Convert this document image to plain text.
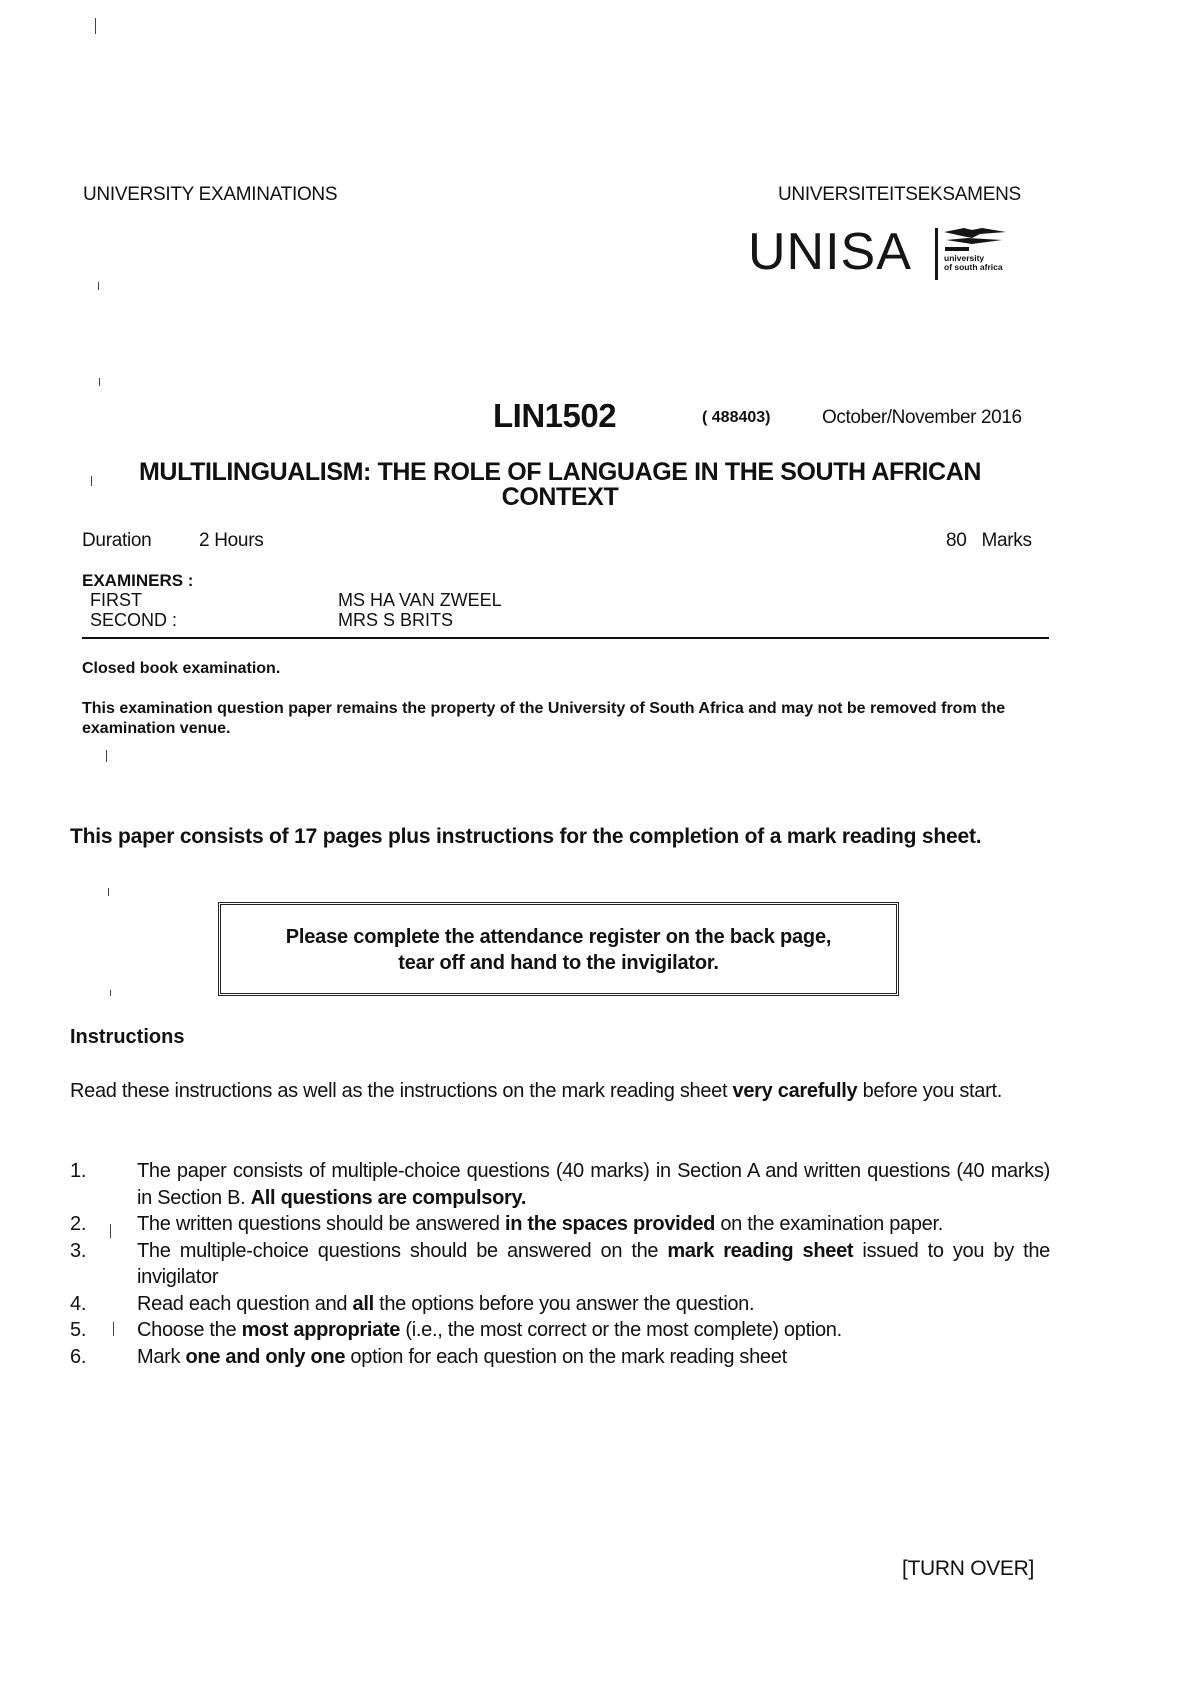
UNIVERSITY EXAMINATIONS	UNIVERSITEITSEKSAMENS
UNISA	university
of south africa
LIN1502	( 488403)	October/November 2016
MULTILINGUALISM: THE ROLE OF LANGUAGE IN THE SOUTH AFRICAN CONTEXT
Duration	2 Hours	80   Marks
EXAMINERS :
FIRST	MS HA VAN ZWEEL
SECOND :	MRS S BRITS
Closed book examination.
This examination question paper remains the property of the University of South Africa and may not be removed from the examination venue.
This paper consists of 17 pages plus instructions for the completion of a mark reading sheet.
Please complete the attendance register on the back page,
tear off and hand to the invigilator.
Instructions
Read these instructions as well as the instructions on the mark reading sheet very carefully before you start.
1.	The paper consists of multiple-choice questions (40 marks) in Section A and written questions (40 marks) in Section B. All questions are compulsory.
2.	The written questions should be answered in the spaces provided on the examination paper.
3.	The multiple-choice questions should be answered on the mark reading sheet issued to you by the invigilator
4.	Read each question and all the options before you answer the question.
5.	Choose the most appropriate (i.e., the most correct or the most complete) option.
6.	Mark one and only one option for each question on the mark reading sheet
[TURN OVER]
